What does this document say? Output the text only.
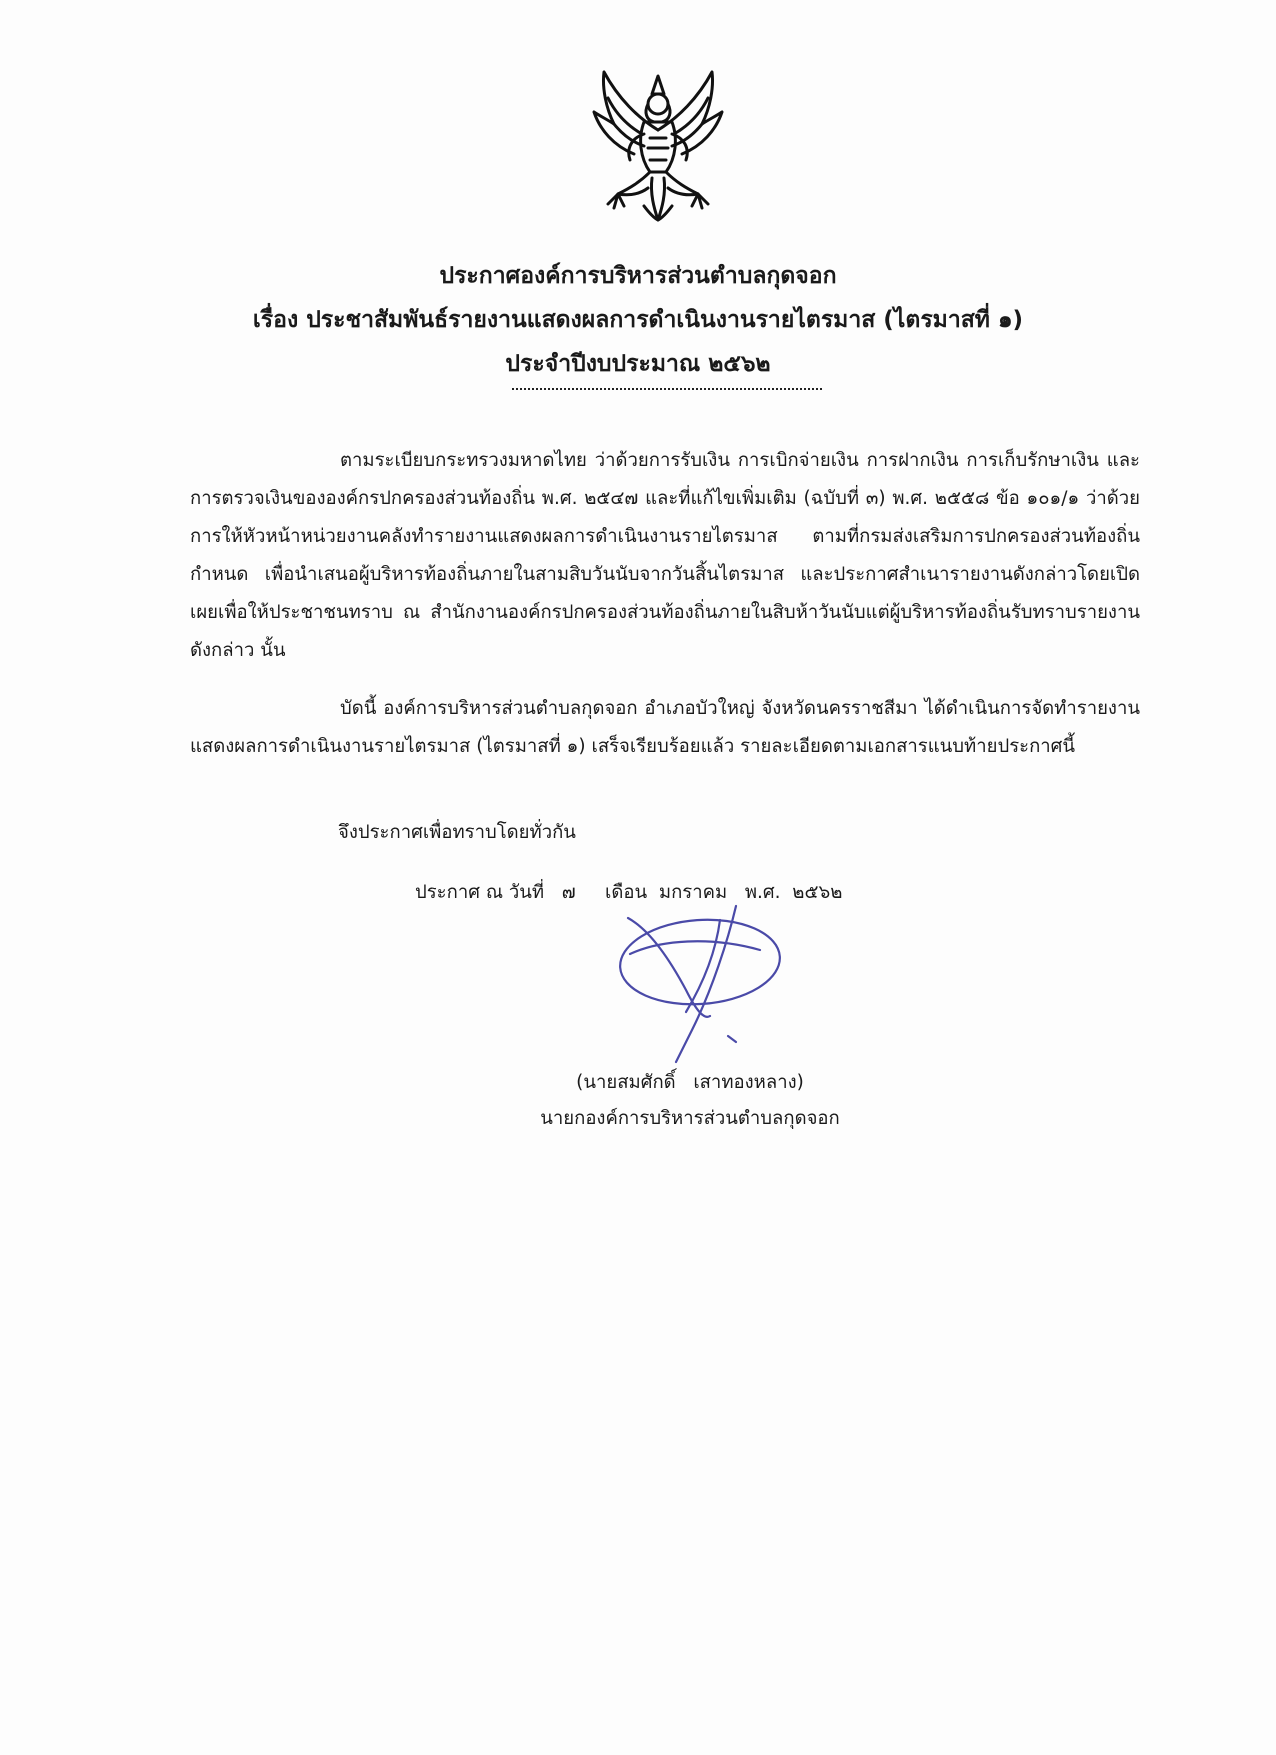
ประกาศองค์การบริหารส่วนตำบลกุดจอก
เรื่อง ประชาสัมพันธ์รายงานแสดงผลการดำเนินงานรายไตรมาส (ไตรมาสที่ ๑)
ประจำปีงบประมาณ ๒๕๖๒
ตามระเบียบกระทรวงมหาดไทย ว่าด้วยการรับเงิน การเบิกจ่ายเงิน การฝากเงิน การเก็บรักษาเงิน และการตรวจเงินขององค์กรปกครองส่วนท้องถิ่น พ.ศ. ๒๕๔๗ และที่แก้ไขเพิ่มเติม (ฉบับที่ ๓) พ.ศ. ๒๕๕๘ ข้อ ๑๐๑/๑ ว่าด้วยการให้หัวหน้าหน่วยงานคลังทำรายงานแสดงผลการดำเนินงานรายไตรมาส ตามที่กรมส่งเสริมการปกครองส่วนท้องถิ่นกำหนด เพื่อนำเสนอผู้บริหารท้องถิ่นภายในสามสิบวันนับจากวันสิ้นไตรมาส และประกาศสำเนารายงานดังกล่าวโดยเปิดเผยเพื่อให้ประชาชนทราบ ณ สำนักงานองค์กรปกครองส่วนท้องถิ่นภายในสิบห้าวันนับแต่ผู้บริหารท้องถิ่นรับทราบรายงานดังกล่าว นั้น
บัดนี้ องค์การบริหารส่วนตำบลกุดจอก อำเภอบัวใหญ่ จังหวัดนครราชสีมา ได้ดำเนินการจัดทำรายงานแสดงผลการดำเนินงานรายไตรมาส (ไตรมาสที่ ๑) เสร็จเรียบร้อยแล้ว รายละเอียดตามเอกสารแนบท้ายประกาศนี้
จึงประกาศเพื่อทราบโดยทั่วกัน
ประกาศ ณ วันที่   ๗     เดือน  มกราคม   พ.ศ.  ๒๕๖๒
(นายสมศักดิ์   เสาทองหลาง)
นายกองค์การบริหารส่วนตำบลกุดจอก
